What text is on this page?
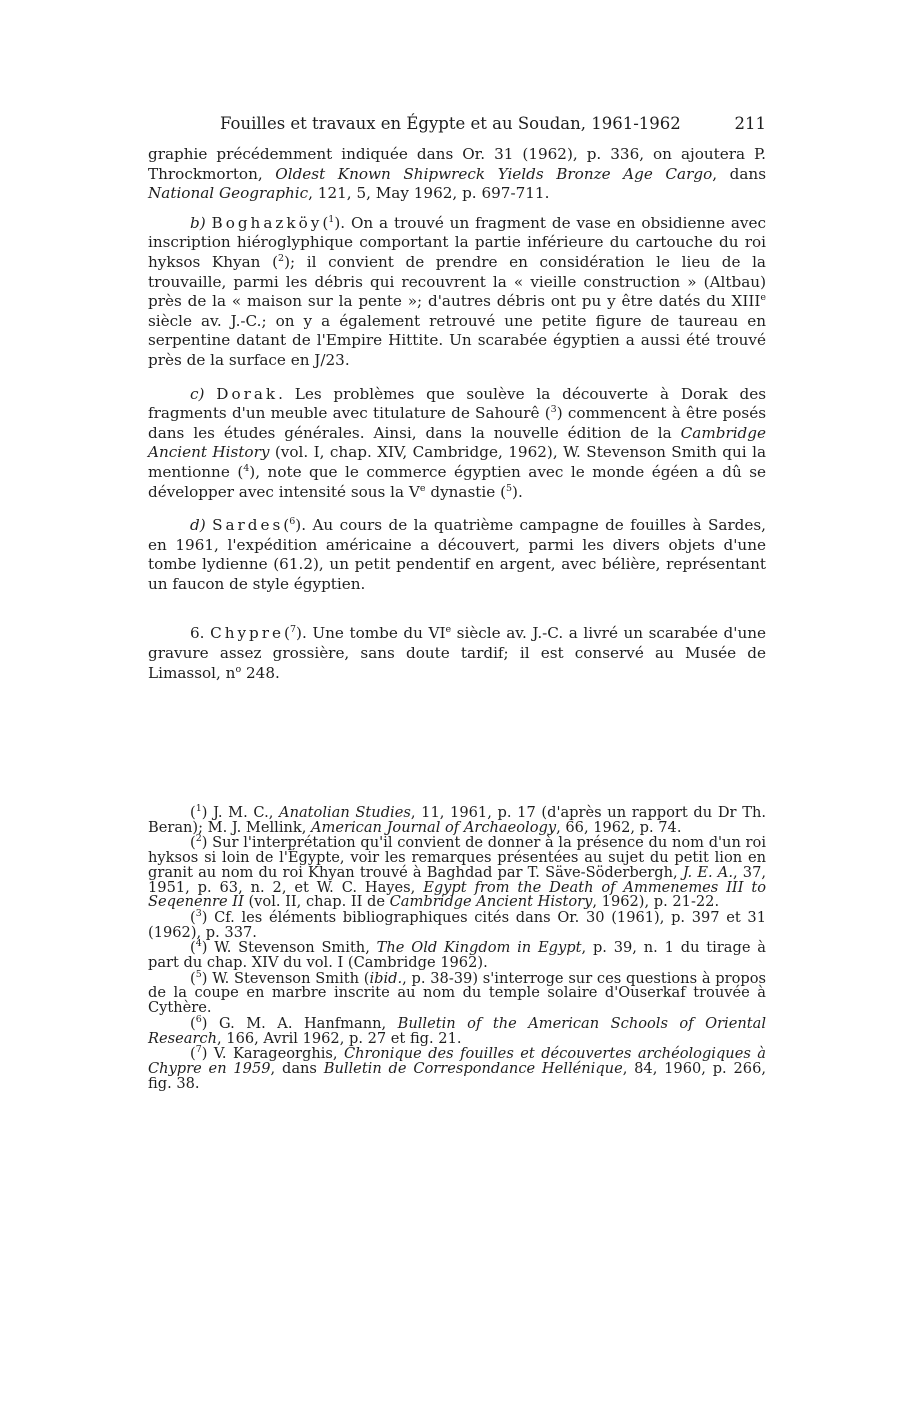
Fouilles et travaux en Égypte et au Soudan, 1961-1962	211

graphie précédemment indiquée dans Or. 31 (1962), p. 336, on ajoutera P. Throckmorton, Oldest Known Shipwreck Yields Bronze Age Cargo, dans National Geographic, 121, 5, May 1962, p. 697-711.

b) Boghazköy($^1$). On a trouvé un fragment de vase en obsidienne avec inscription hiéroglyphique comportant la partie inférieure du cartouche du roi hyksos Khyan ($^2$); il convient de prendre en considération le lieu de la trouvaille, parmi les débris qui recouvrent la « vieille construction » (Altbau) près de la « maison sur la pente »; d'autres débris ont pu y être datés du XIIIe siècle av. J.-C.; on y a également retrouvé une petite figure de taureau en serpentine datant de l'Empire Hittite. Un scarabée égyptien a aussi été trouvé près de la surface en J/23.

c) Dorak. Les problèmes que soulève la découverte à Dorak des fragments d'un meuble avec titulature de Sahourê ($^3$) commencent à être posés dans les études générales. Ainsi, dans la nouvelle édition de la Cambridge Ancient History (vol. I, chap. XIV, Cambridge, 1962), W. Stevenson Smith qui la mentionne ($^4$), note que le commerce égyptien avec le monde égéen a dû se développer avec intensité sous la Ve dynastie ($^5$).

d) Sardes($^6$). Au cours de la quatrième campagne de fouilles à Sardes, en 1961, l'expédition américaine a découvert, parmi les divers objets d'une tombe lydienne (61.2), un petit pendentif en argent, avec bélière, représentant un faucon de style égyptien.

6. Chypre($^7$). Une tombe du VIe siècle av. J.-C. a livré un scarabée d'une gravure assez grossière, sans doute tardif; il est conservé au Musée de Limassol, $n^o$ 248.

($^1$) J. M. C., Anatolian Studies, 11, 1961, p. 17 (d'après un rapport du Dr Th. Beran); M. J. Mellink, American Journal of Archaeology, 66, 1962, p. 74.

($^2$) Sur l'interprétation qu'il convient de donner à la présence du nom d'un roi hyksos si loin de l'Égypte, voir les remarques présentées au sujet du petit lion en granit au nom du roi Khyan trouvé à Baghdad par T. Säve-Söderbergh, J. E. A., 37, 1951, p. 63, n. 2, et W. C. Hayes, Egypt from the Death of Ammenemes III to Seqenenre II (vol. II, chap. II de Cambridge Ancient History, 1962), p. 21-22.

($^3$) Cf. les éléments bibliographiques cités dans Or. 30 (1961), p. 397 et 31 (1962), p. 337.

($^4$) W. Stevenson Smith, The Old Kingdom in Egypt, p. 39, n. 1 du tirage à part du chap. XIV du vol. I (Cambridge 1962).

($^5$) W. Stevenson Smith (ibid., p. 38-39) s'interroge sur ces questions à propos de la coupe en marbre inscrite au nom du temple solaire d'Ouserkaf trouvée à Cythère.

($^6$) G. M. A. Hanfmann, Bulletin of the American Schools of Oriental Research, 166, Avril 1962, p. 27 et fig. 21.

($^7$) V. Karageorghis, Chronique des fouilles et découvertes archéologiques à Chypre en 1959, dans Bulletin de Correspondance Hellénique, 84, 1960, p. 266, fig. 38.
